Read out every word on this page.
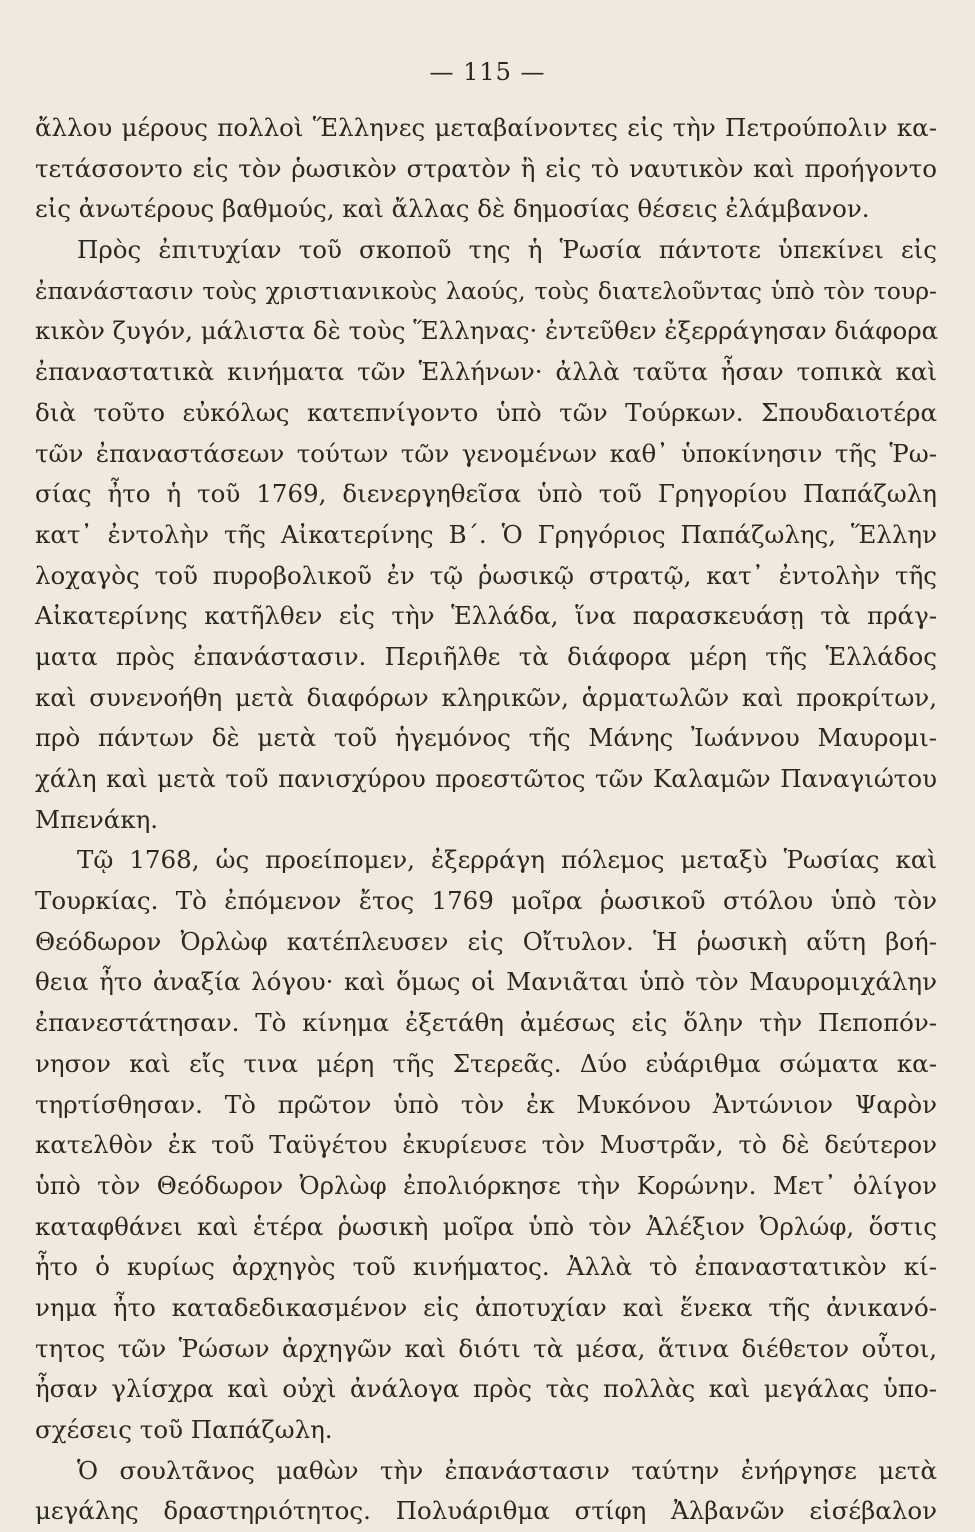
— 115 —
ἄλλου μέρους πολλοὶ Ἕλληνες μεταβαίνοντες εἰς τὴν Πετρούπολιν κα-
τετάσσοντο εἰς τὸν ῥωσικὸν στρατὸν ἢ εἰς τὸ ναυτικὸν καὶ προήγοντο
εἰς ἀνωτέρους βαθμούς, καὶ ἄλλας δὲ δημοσίας θέσεις ἐλάμβανον.
Πρὸς ἐπιτυχίαν τοῦ σκοποῦ της ἡ Ῥωσία πάντοτε ὑπεκίνει εἰς
ἐπανάστασιν τοὺς χριστιανικοὺς λαούς, τοὺς διατελοῦντας ὑπὸ τὸν τουρ-
κικὸν ζυγόν, μάλιστα δὲ τοὺς Ἕλληνας· ἐντεῦθεν ἐξερράγησαν διάφορα
ἐπαναστατικὰ κινήματα τῶν Ἑλλήνων· ἀλλὰ ταῦτα ἦσαν τοπικὰ καὶ
διὰ τοῦτο εὐκόλως κατεπνίγοντο ὑπὸ τῶν Τούρκων. Σπουδαιοτέρα
τῶν ἐπαναστάσεων τούτων τῶν γενομένων καθ᾽ ὑποκίνησιν τῆς Ῥω-
σίας ἦτο ἡ τοῦ 1769, διενεργηθεῖσα ὑπὸ τοῦ Γρηγορίου Παπάζωλη
κατ᾽ ἐντολὴν τῆς Αἰκατερίνης Β΄. Ὁ Γρηγόριος Παπάζωλης, Ἕλλην
λοχαγὸς τοῦ πυροβολικοῦ ἐν τῷ ῥωσικῷ στρατῷ, κατ᾽ ἐντολὴν τῆς
Αἰκατερίνης κατῆλθεν εἰς τὴν Ἑλλάδα, ἵνα παρασκευάσῃ τὰ πράγ-
ματα πρὸς ἐπανάστασιν. Περιῆλθε τὰ διάφορα μέρη τῆς Ἑλλάδος
καὶ συνενοήθη μετὰ διαφόρων κληρικῶν, ἁρματωλῶν καὶ προκρίτων,
πρὸ πάντων δὲ μετὰ τοῦ ἡγεμόνος τῆς Μάνης Ἰωάννου Μαυρομι-
χάλη καὶ μετὰ τοῦ πανισχύρου προεστῶτος τῶν Καλαμῶν Παναγιώτου
Μπενάκη.
Τῷ 1768, ὡς προείπομεν, ἐξερράγη πόλεμος μεταξὺ Ῥωσίας καὶ
Τουρκίας. Τὸ ἐπόμενον ἔτος 1769 μοῖρα ῥωσικοῦ στόλου ὑπὸ τὸν
Θεόδωρον Ὀρλὼφ κατέπλευσεν εἰς Οἴτυλον. Ἡ ῥωσικὴ αὕτη βοή-
θεια ἦτο ἀναξία λόγου· καὶ ὅμως οἱ Μανιᾶται ὑπὸ τὸν Μαυρομιχάλην
ἐπανεστάτησαν. Τὸ κίνημα ἐξετάθη ἀμέσως εἰς ὅλην τὴν Πεποπόν-
νησον καὶ εἴς τινα μέρη τῆς Στερεᾶς. Δύο εὐάριθμα σώματα κα-
τηρτίσθησαν. Τὸ πρῶτον ὑπὸ τὸν ἐκ Μυκόνου Ἀντώνιον Ψαρὸν
κατελθὸν ἐκ τοῦ Ταϋγέτου ἐκυρίευσε τὸν Μυστρᾶν, τὸ δὲ δεύτερον
ὑπὸ τὸν Θεόδωρον Ὀρλὼφ ἐπολιόρκησε τὴν Κορώνην. Μετ᾽ ὀλίγον
καταφθάνει καὶ ἑτέρα ῥωσικὴ μοῖρα ὑπὸ τὸν Ἀλέξιον Ὀρλώφ, ὅστις
ἦτο ὁ κυρίως ἀρχηγὸς τοῦ κινήματος. Ἀλλὰ τὸ ἐπαναστατικὸν κί-
νημα ἦτο καταδεδικασμένον εἰς ἀποτυχίαν καὶ ἕνεκα τῆς ἀνικανό-
τητος τῶν Ῥώσων ἀρχηγῶν καὶ διότι τὰ μέσα, ἅτινα διέθετον οὗτοι,
ἦσαν γλίσχρα καὶ οὐχὶ ἀνάλογα πρὸς τὰς πολλὰς καὶ μεγάλας ὑπο-
σχέσεις τοῦ Παπάζωλη.
Ὁ σουλτᾶνος μαθὼν τὴν ἐπανάστασιν ταύτην ἐνήργησε μετὰ
μεγάλης δραστηριότητος. Πολυάριθμα στίφη Ἀλβανῶν εἰσέβαλον
